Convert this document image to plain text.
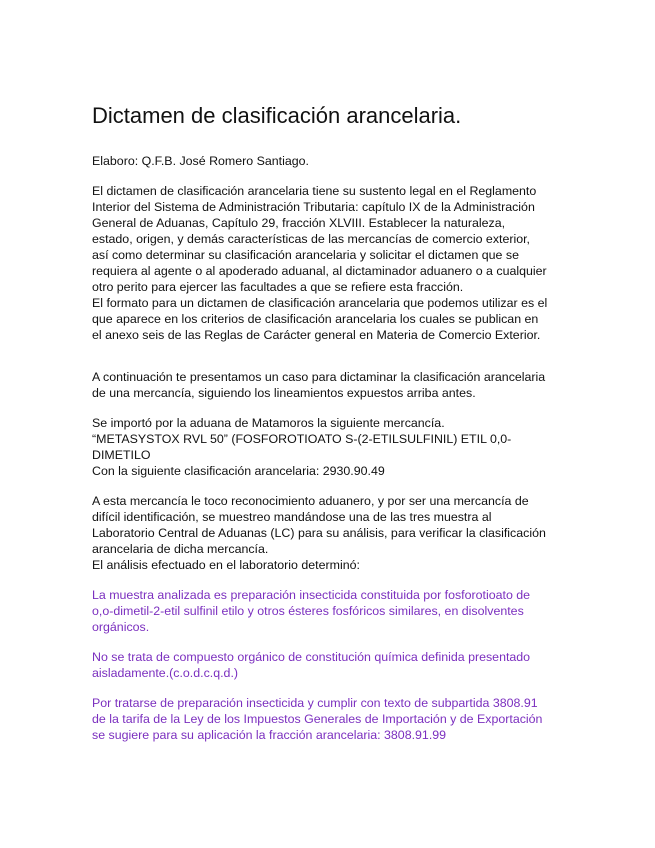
Dictamen de clasificación arancelaria.

Elaboro: Q.F.B. José Romero Santiago.

El dictamen de clasificación arancelaria tiene su sustento legal en el Reglamento

Interior del Sistema de Administración Tributaria: capítulo IX de la Administración

General de Aduanas, Capítulo 29, fracción XLVIII. Establecer la naturaleza,

estado, origen, y demás características de las mercancías de comercio exterior,

así como determinar su clasificación arancelaria y solicitar el dictamen que se

requiera al agente o al apoderado aduanal, al dictaminador aduanero o a cualquier

otro perito para ejercer las facultades a que se refiere esta fracción.

El formato para un dictamen de clasificación arancelaria que podemos utilizar es el

que aparece en los criterios de clasificación arancelaria los cuales se publican en

el anexo seis de las Reglas de Carácter general en Materia de Comercio Exterior.

A continuación te presentamos un caso para dictaminar la clasificación arancelaria

de una mercancía, siguiendo los lineamientos expuestos arriba antes.

Se importó por la aduana de Matamoros la siguiente mercancía.

“METASYSTOX RVL 50” (FOSFOROTIOATO S-(2-ETILSULFINIL) ETIL 0,0-

DIMETILO

Con la siguiente clasificación arancelaria: 2930.90.49

A esta mercancía le toco reconocimiento aduanero, y por ser una mercancía de

difícil identificación, se muestreo mandándose una de las tres muestra al

Laboratorio Central de Aduanas (LC) para su análisis, para verificar la clasificación

arancelaria de dicha mercancía.

El análisis efectuado en el laboratorio determinó:

La muestra analizada es preparación insecticida constituida por fosforotioato de

o,o-dimetil-2-etil sulfinil etilo y otros ésteres fosfóricos similares, en disolventes

orgánicos.

No se trata de compuesto orgánico de constitución química definida presentado

aisladamente.(c.o.d.c.q.d.)

Por tratarse de preparación insecticida y cumplir con texto de subpartida 3808.91

de la tarifa de la Ley de los Impuestos Generales de Importación y de Exportación

se sugiere para su aplicación la fracción arancelaria: 3808.91.99
